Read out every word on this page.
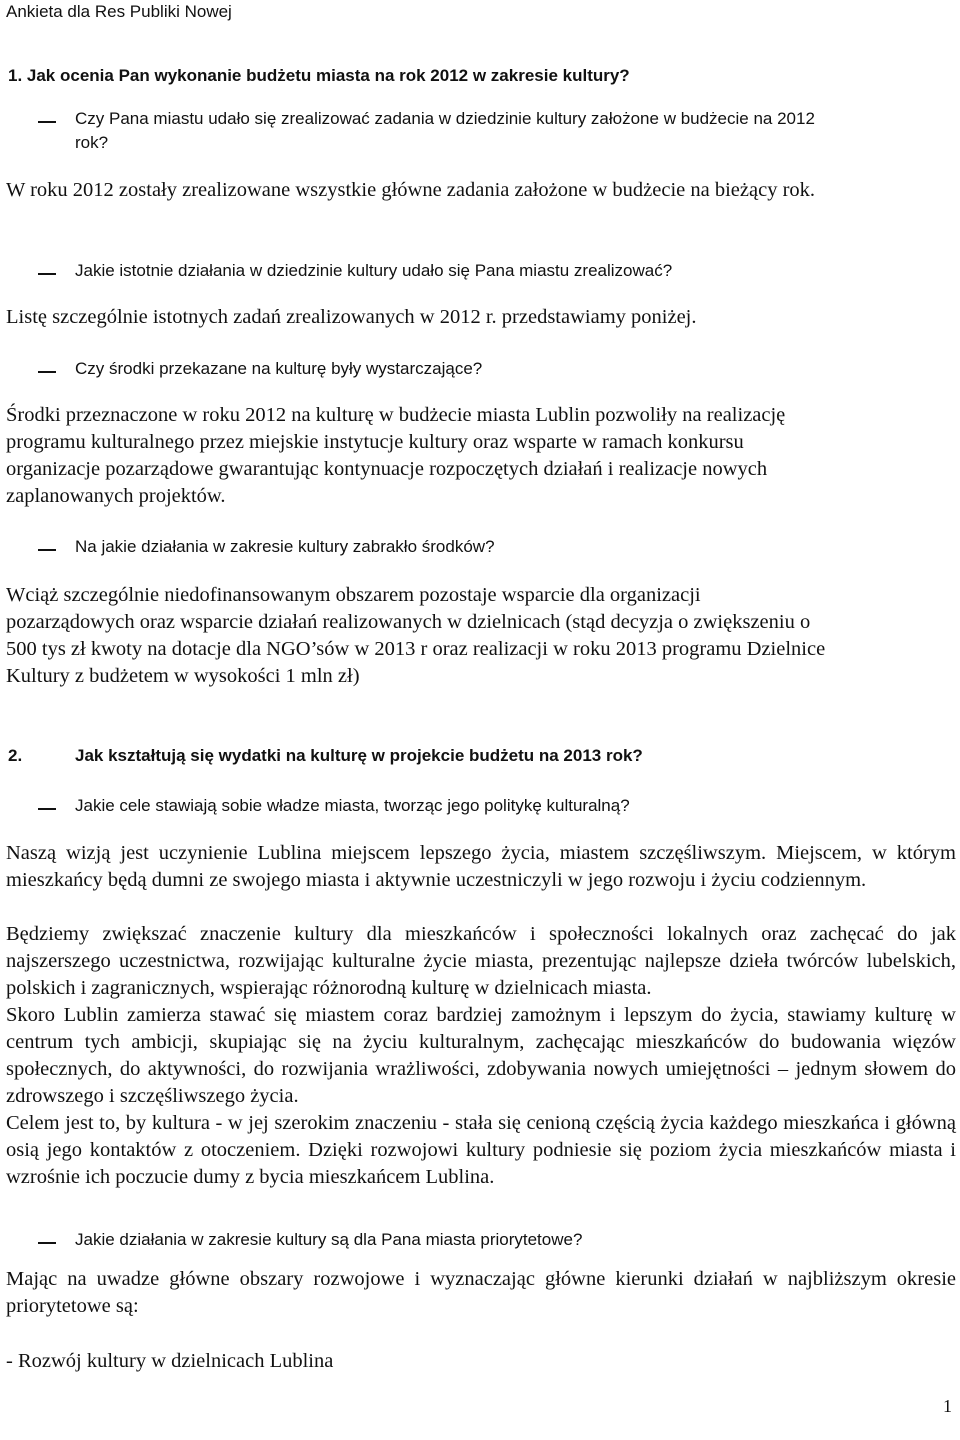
Ankieta dla Res Publiki Nowej

1. Jak ocenia Pan wykonanie budżetu miasta na rok 2012 w zakresie kultury?

Czy Pana miastu udało się zrealizować zadania w dziedzinie kultury założone w budżecie na 2012 rok?

W roku 2012 zostały zrealizowane wszystkie główne zadania założone w budżecie na bieżący rok.

Jakie istotnie działania w dziedzinie kultury udało się Pana miastu zrealizować?

Listę szczególnie istotnych zadań zrealizowanych w 2012 r. przedstawiamy poniżej.

Czy środki przekazane na kulturę były wystarczające?

Środki przeznaczone w roku 2012 na kulturę w budżecie miasta Lublin pozwoliły na realizację programu kulturalnego przez miejskie instytucje kultury oraz wsparte w ramach konkursu organizacje pozarządowe gwarantując kontynuacje rozpoczętych działań i realizacje nowych zaplanowanych projektów.

Na jakie działania w zakresie kultury zabrakło środków?

Wciąż szczególnie niedofinansowanym obszarem pozostaje wsparcie dla organizacji pozarządowych oraz wsparcie działań realizowanych w dzielnicach (stąd decyzja o zwiększeniu o 500 tys zł kwoty na dotacje dla NGO’sów w 2013 r oraz realizacji w roku 2013 programu Dzielnice Kultury z budżetem w wysokości 1 mln zł)

2.	Jak kształtują się wydatki na kulturę w projekcie budżetu na 2013 rok?

Jakie cele stawiają sobie władze miasta, tworząc jego politykę kulturalną?

Naszą wizją jest uczynienie Lublina miejscem lepszego życia, miastem szczęśliwszym. Miejscem, w którym mieszkańcy będą dumni ze swojego miasta i aktywnie uczestniczyli w jego rozwoju i życiu codziennym.

Będziemy zwiększać znaczenie kultury dla mieszkańców i społeczności lokalnych oraz zachęcać do jak najszerszego uczestnictwa, rozwijając kulturalne życie miasta, prezentując najlepsze dzieła twórców lubelskich, polskich i zagranicznych, wspierając różnorodną kulturę w dzielnicach miasta.

Skoro Lublin zamierza stawać się miastem coraz bardziej zamożnym i lepszym do życia, stawiamy kulturę w centrum tych ambicji, skupiając się na życiu kulturalnym, zachęcając mieszkańców do budowania więzów społecznych, do aktywności, do rozwijania wrażliwości, zdobywania nowych umiejętności – jednym słowem do zdrowszego i szczęśliwszego życia.

Celem jest to, by kultura - w jej szerokim znaczeniu - stała się cenioną częścią życia każdego mieszkańca i główną osią jego kontaktów z otoczeniem. Dzięki rozwojowi kultury podniesie się poziom życia mieszkańców miasta i wzrośnie ich poczucie dumy z bycia mieszkańcem Lublina.

Jakie działania w zakresie kultury są dla Pana miasta priorytetowe?

Mając na uwadze główne obszary rozwojowe i wyznaczając główne kierunki działań w najbliższym okresie priorytetowe są:

- Rozwój kultury w dzielnicach Lublina

1
